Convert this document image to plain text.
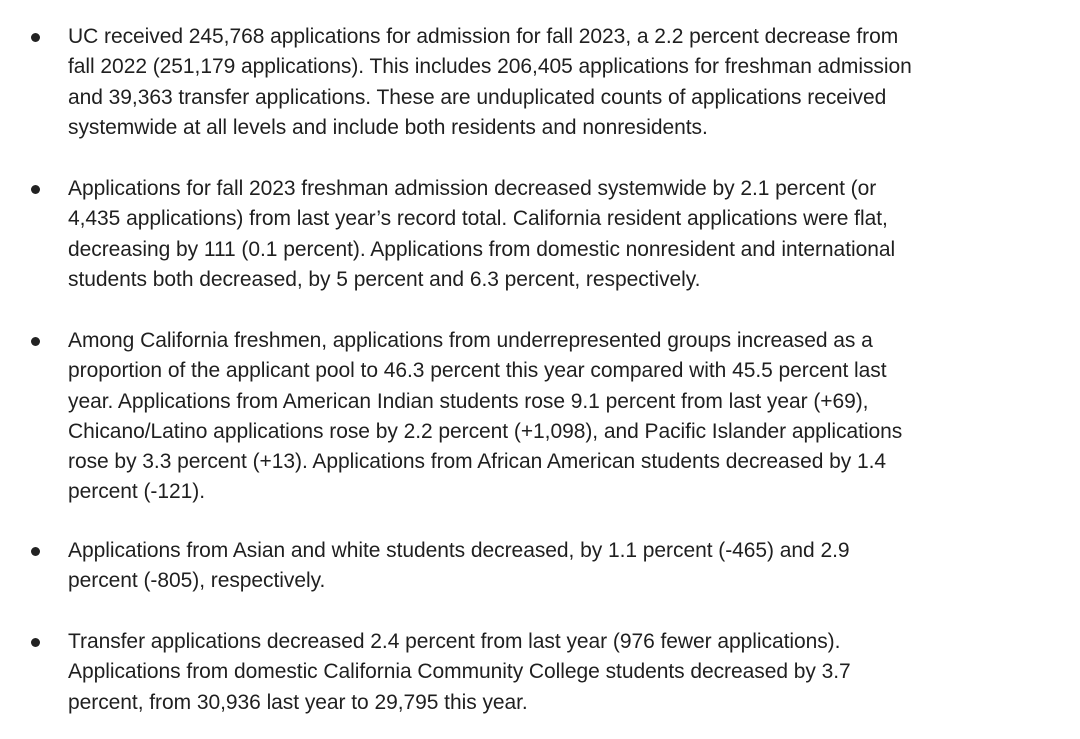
UC received 245,768 applications for admission for fall 2023, a 2.2 percent decrease from
fall 2022 (251,179 applications). This includes 206,405 applications for freshman admission
and 39,363 transfer applications. These are unduplicated counts of applications received
systemwide at all levels and include both residents and nonresidents.

Applications for fall 2023 freshman admission decreased systemwide by 2.1 percent (or
4,435 applications) from last year’s record total. California resident applications were flat,
decreasing by 111 (0.1 percent). Applications from domestic nonresident and international
students both decreased, by 5 percent and 6.3 percent, respectively.

Among California freshmen, applications from underrepresented groups increased as a
proportion of the applicant pool to 46.3 percent this year compared with 45.5 percent last
year. Applications from American Indian students rose 9.1 percent from last year (+69),
Chicano/Latino applications rose by 2.2 percent (+1,098), and Pacific Islander applications
rose by 3.3 percent (+13). Applications from African American students decreased by 1.4
percent (-121).

Applications from Asian and white students decreased, by 1.1 percent (-465) and 2.9
percent (-805), respectively.

Transfer applications decreased 2.4 percent from last year (976 fewer applications).
Applications from domestic California Community College students decreased by 3.7
percent, from 30,936 last year to 29,795 this year.
